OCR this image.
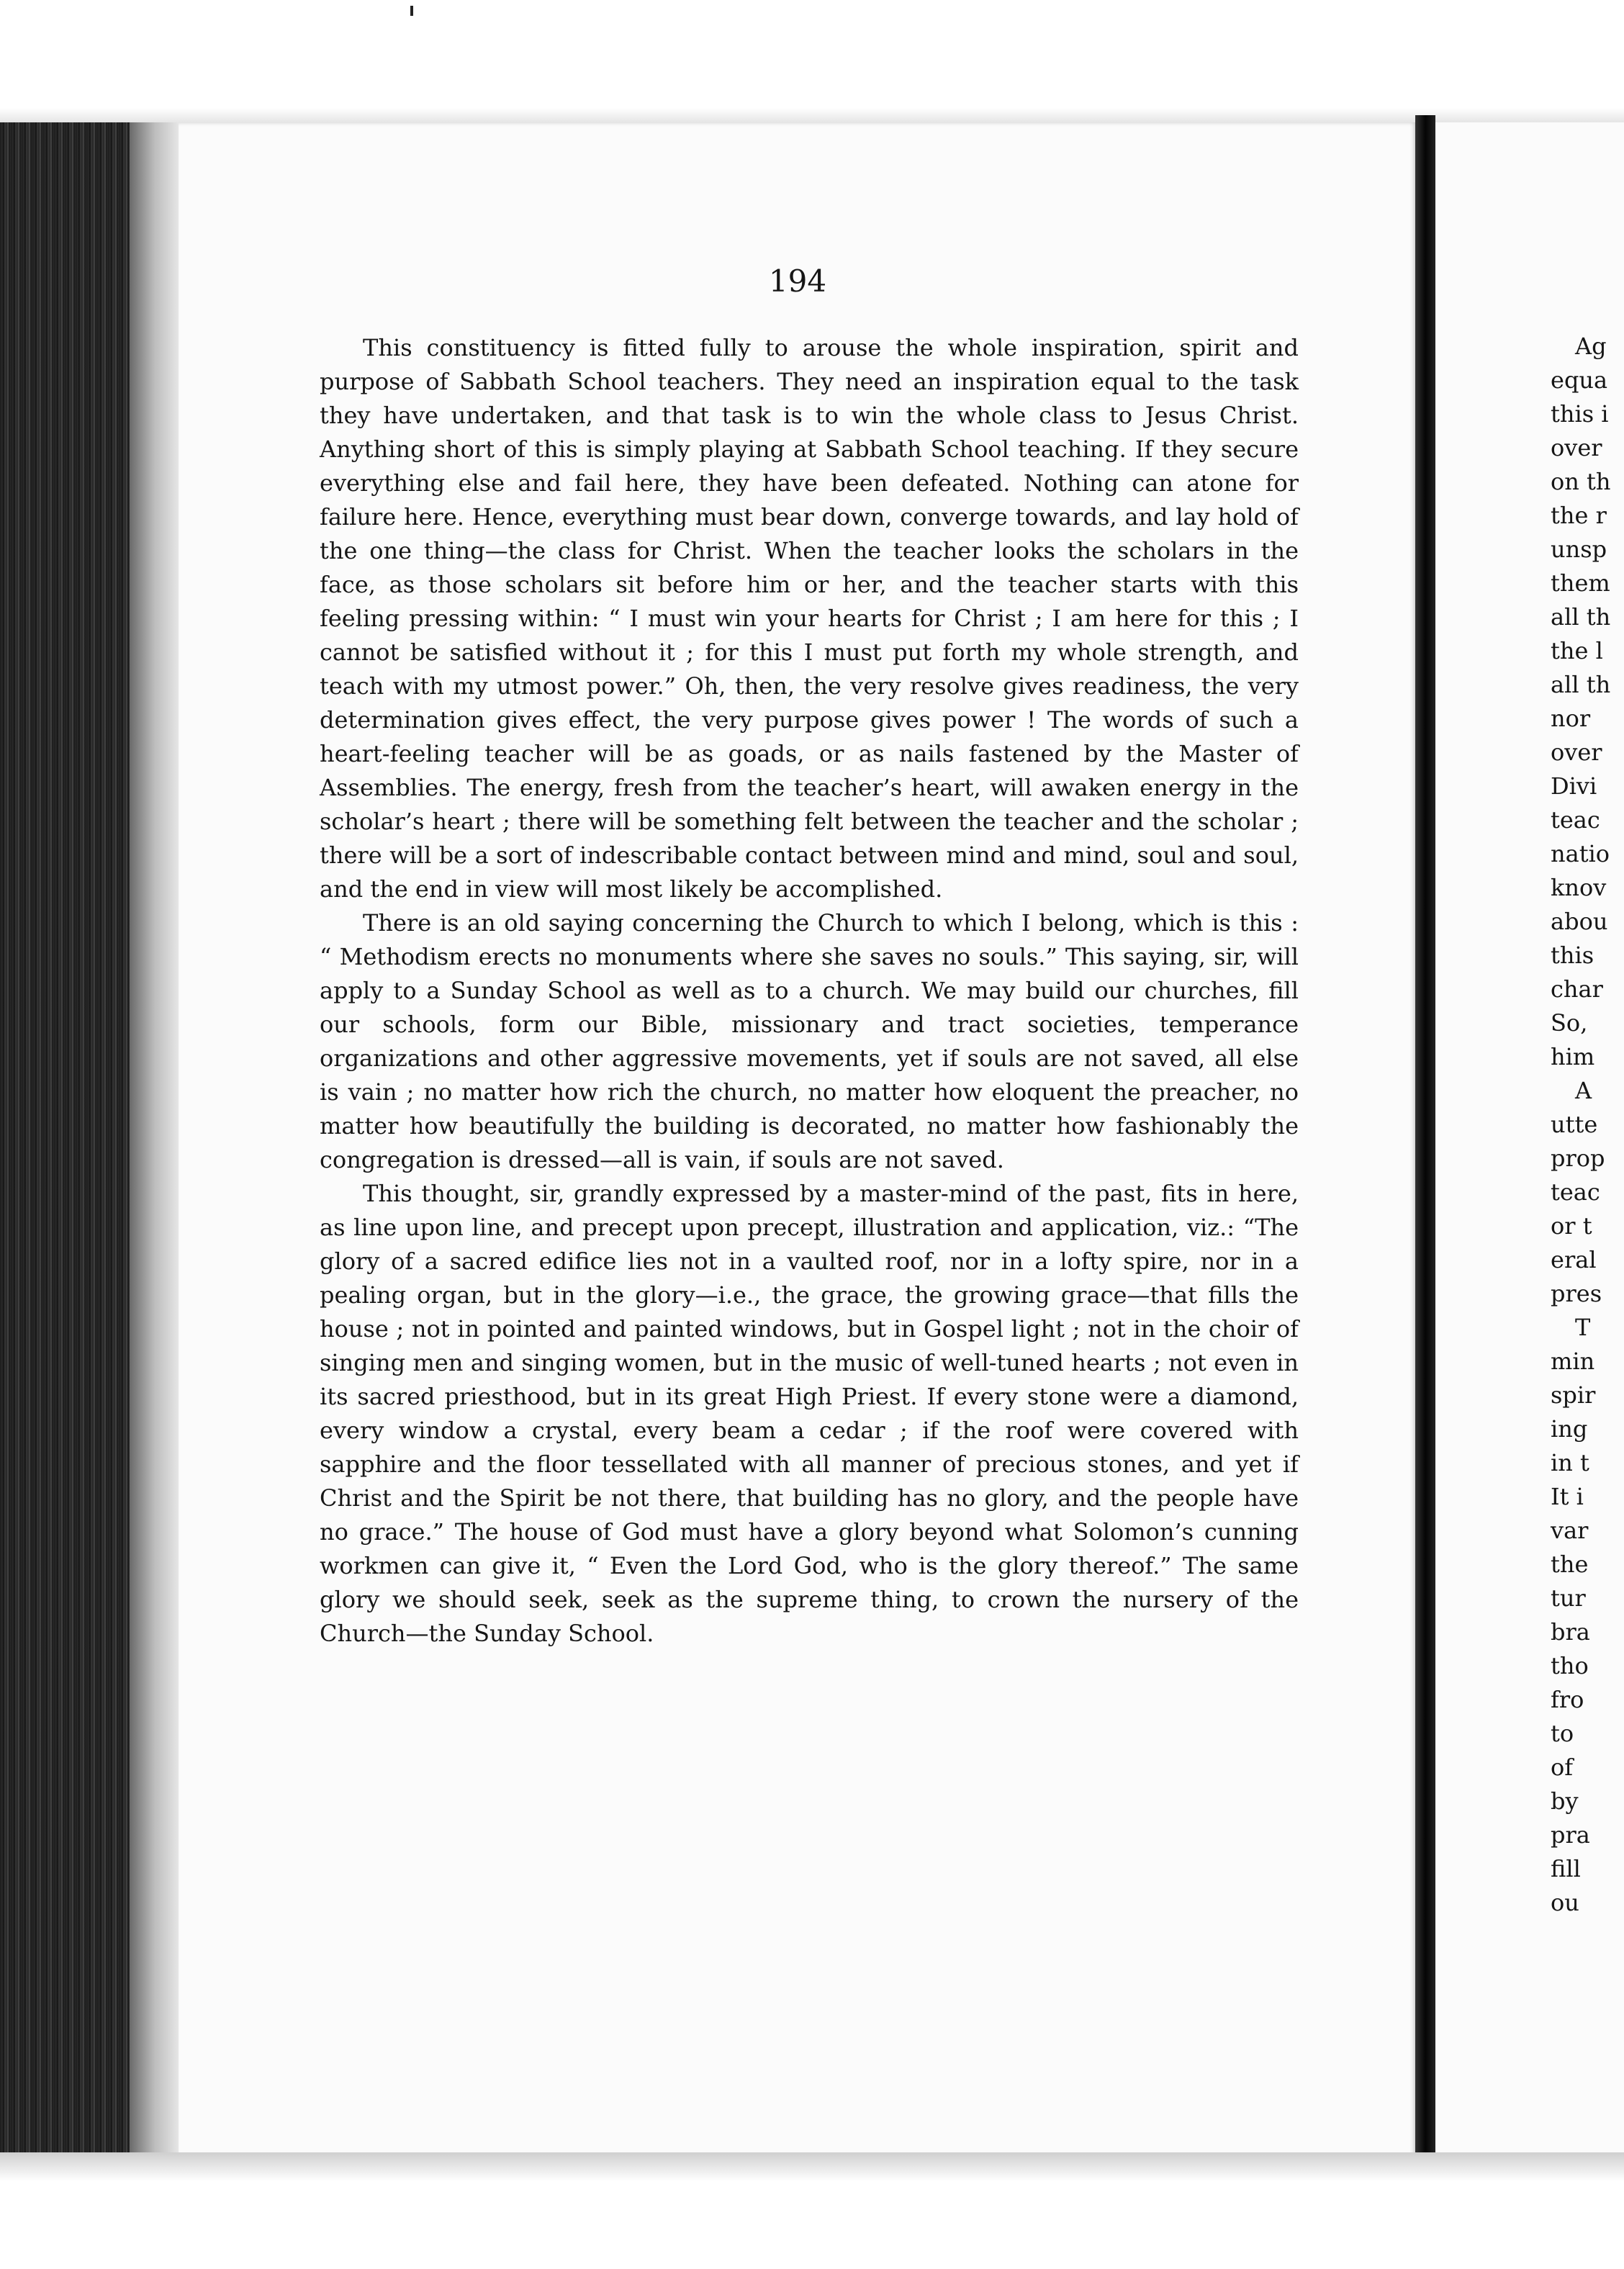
194

This constituency is fitted fully to arouse the whole inspiration, spirit and purpose of Sabbath School teachers. They need an inspiration equal to the task they have undertaken, and that task is to win the whole class to Jesus Christ. Anything short of this is simply playing at Sabbath School teaching. If they secure everything else and fail here, they have been defeated. Nothing can atone for failure here. Hence, everything must bear down, converge towards, and lay hold of the one thing—the class for Christ. When the teacher looks the scholars in the face, as those scholars sit before him or her, and the teacher starts with this feeling pressing within: “ I must win your hearts for Christ ; I am here for this ; I cannot be satisfied without it ; for this I must put forth my whole strength, and teach with my utmost power.” Oh, then, the very resolve gives readiness, the very determination gives effect, the very purpose gives power ! The words of such a heart-feeling teacher will be as goads, or as nails fastened by the Master of Assemblies. The energy, fresh from the teacher’s heart, will awaken energy in the scholar’s heart ; there will be something felt between the teacher and the scholar ; there will be a sort of indescribable contact between mind and mind, soul and soul, and the end in view will most likely be accomplished.

There is an old saying concerning the Church to which I belong, which is this : “ Methodism erects no monuments where she saves no souls.” This saying, sir, will apply to a Sunday School as well as to a church. We may build our churches, fill our schools, form our Bible, missionary and tract societies, temperance organizations and other aggressive movements, yet if souls are not saved, all else is vain ; no matter how rich the church, no matter how eloquent the preacher, no matter how beautifully the building is decorated, no matter how fashionably the congregation is dressed—all is vain, if souls are not saved.

This thought, sir, grandly expressed by a master-mind of the past, fits in here, as line upon line, and precept upon precept, illustration and application, viz.: “The glory of a sacred edifice lies not in a vaulted roof, nor in a lofty spire, nor in a pealing organ, but in the glory—i.e., the grace, the growing grace—that fills the house ; not in pointed and painted windows, but in Gospel light ; not in the choir of singing men and singing women, but in the music of well-tuned hearts ; not even in its sacred priesthood, but in its great High Priest. If every stone were a diamond, every window a crystal, every beam a cedar ; if the roof were covered with sapphire and the floor tessellated with all manner of precious stones, and yet if Christ and the Spirit be not there, that building has no glory, and the people have no grace.” The house of God must have a glory beyond what Solomon’s cunning workmen can give it, “ Even the Lord God, who is the glory thereof.” The same glory we should seek, seek as the supreme thing, to crown the nursery of the Church—the Sunday School.

Ag
equa
this i
over
on th
the r
unsp
them
all th
the l
all th
nor
over
Divi
teac
natio
knov
abou
this
char
So,
him
A
utte
prop
teac
or t
eral
pres
T
min
spir
ing
in t
It i
var
the
tur
bra
tho
fro
to
of
by
pra
fill
ou
